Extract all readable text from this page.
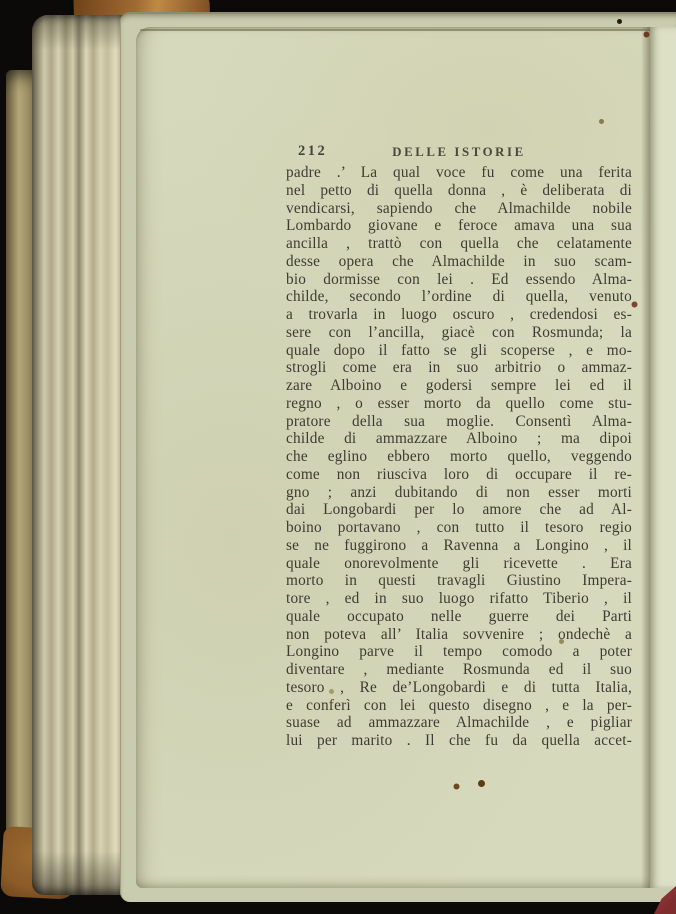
212	DELLE ISTORIE
padre .’ La qual voce fu come una ferita
nel petto di quella donna , è deliberata di
vendicarsi, sapiendo che Almachilde nobile
Lombardo giovane e feroce amava una sua
ancilla , trattò con quella che celatamente
desse opera che Almachilde in suo scam-
bio dormisse con lei . Ed essendo Alma-
childe, secondo l’ordine di quella, venuto
a trovarla in luogo oscuro , credendosi es-
sere con l’ancilla, giacè con Rosmunda; la
quale dopo il fatto se gli scoperse , e mo-
strogli come era in suo arbitrio o ammaz-
zare Alboino e godersi sempre lei ed il
regno , o esser morto da quello come stu-
pratore della sua moglie. Consentì Alma-
childe di ammazzare Alboino ; ma dipoi
che eglino ebbero morto quello, veggendo
come non riusciva loro di occupare il re-
gno ; anzi dubitando di non esser morti
dai Longobardi per lo amore che ad Al-
boino portavano , con tutto il tesoro regio
se ne fuggirono a Ravenna a Longino , il
quale onorevolmente gli ricevette . Era
morto in questi travagli Giustino Impera-
tore , ed in suo luogo rifatto Tiberio , il
quale occupato nelle guerre dei Parti
non poteva all’ Italia sovvenire ; ondechè a
Longino parve il tempo comodo a poter
diventare , mediante Rosmunda ed il suo
tesoro , Re de’Longobardi e di tutta Italia,
e conferì con lei questo disegno , e la per-
suase ad ammazzare Almachilde , e pigliar
lui per marito . Il che fu da quella accet-
